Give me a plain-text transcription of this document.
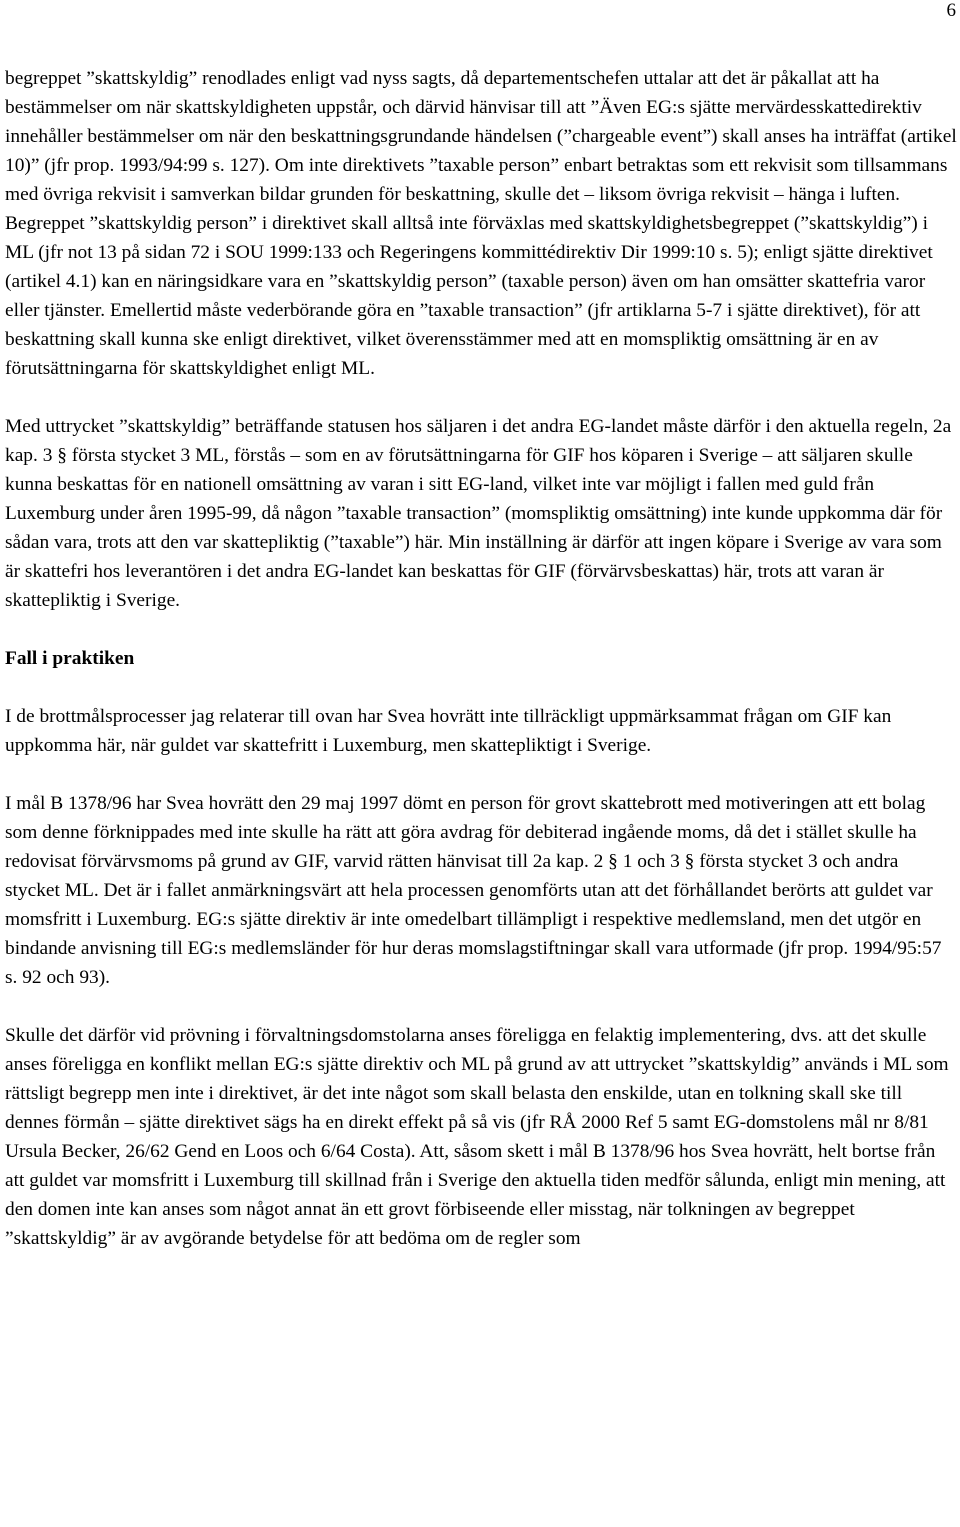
6

begreppet ”skattskyldig” renodlades enligt vad nyss sagts, då departementschefen uttalar att det är påkallat att ha bestämmelser om när skattskyldigheten uppstår, och därvid hänvisar till att ”Även EG:s sjätte mervärdesskattedirektiv innehåller bestämmelser om när den beskattningsgrundande händelsen (”chargeable event”) skall anses ha inträffat (artikel 10)” (jfr prop. 1993/94:99 s. 127). Om inte direktivets ”taxable person” enbart betraktas som ett rekvisit som tillsammans med övriga rekvisit i samverkan bildar grunden för beskattning, skulle det – liksom övriga rekvisit – hänga i luften. Begreppet ”skattskyldig person” i direktivet skall alltså inte förväxlas med skattskyldighetsbegreppet (”skattskyldig”) i ML (jfr not 13 på sidan 72 i SOU 1999:133 och Regeringens kommittédirektiv Dir 1999:10 s. 5); enligt sjätte direktivet (artikel 4.1) kan en näringsidkare vara en ”skattskyldig person” (taxable person) även om han omsätter skattefria varor eller tjänster. Emellertid måste vederbörande göra en ”taxable transaction” (jfr artiklarna 5-7 i sjätte direktivet), för att beskattning skall kunna ske enligt direktivet, vilket överensstämmer med att en momspliktig omsättning är en av förutsättningarna för skattskyldighet enligt ML.

Med uttrycket ”skattskyldig” beträffande statusen hos säljaren i det andra EG-landet måste därför i den aktuella regeln, 2a kap. 3 § första stycket 3 ML, förstås – som en av förutsättningarna för GIF hos köparen i Sverige – att säljaren skulle kunna beskattas för en nationell omsättning av varan i sitt EG-land, vilket inte var möjligt i fallen med guld från Luxemburg under åren 1995-99, då någon ”taxable transaction” (momspliktig omsättning) inte kunde uppkomma där för sådan vara, trots att den var skattepliktig (”taxable”) här. Min inställning är därför att ingen köpare i Sverige av vara som är skattefri hos leverantören i det andra EG-landet kan beskattas för GIF (förvärvsbeskattas) här, trots att varan är skattepliktig i Sverige.

Fall i praktiken

I de brottmålsprocesser jag relaterar till ovan har Svea hovrätt inte tillräckligt uppmärksammat frågan om GIF kan uppkomma här, när guldet var skattefritt i Luxemburg, men skattepliktigt i Sverige.

I mål B 1378/96 har Svea hovrätt den 29 maj 1997 dömt en person för grovt skattebrott med motiveringen att ett bolag som denne förknippades med inte skulle ha rätt att göra avdrag för debiterad ingående moms, då det i stället skulle ha redovisat förvärvsmoms på grund av GIF, varvid rätten hänvisat till 2a kap. 2 § 1 och 3 § första stycket 3 och andra stycket ML. Det är i fallet anmärkningsvärt att hela processen genomförts utan att det förhållandet berörts att guldet var momsfritt i Luxemburg. EG:s sjätte direktiv är inte omedelbart tillämpligt i respektive medlemsland, men det utgör en bindande anvisning till EG:s medlemsländer för hur deras momslagstiftningar skall vara utformade (jfr prop. 1994/95:57 s. 92 och 93).

Skulle det därför vid prövning i förvaltningsdomstolarna anses föreligga en felaktig implementering, dvs. att det skulle anses föreligga en konflikt mellan EG:s sjätte direktiv och ML på grund av att uttrycket ”skattskyldig” används i ML som rättsligt begrepp men inte i direktivet, är det inte något som skall belasta den enskilde, utan en tolkning skall ske till dennes förmån – sjätte direktivet sägs ha en direkt effekt på så vis (jfr RÅ 2000 Ref 5 samt EG-domstolens mål nr 8/81 Ursula Becker, 26/62 Gend en Loos och 6/64 Costa). Att, såsom skett i mål B 1378/96 hos Svea hovrätt, helt bortse från att guldet var momsfritt i Luxemburg till skillnad från i Sverige den aktuella tiden medför sålunda, enligt min mening, att den domen inte kan anses som något annat än ett grovt förbiseende eller misstag, när tolkningen av begreppet ”skattskyldig” är av avgörande betydelse för att bedöma om de regler som
